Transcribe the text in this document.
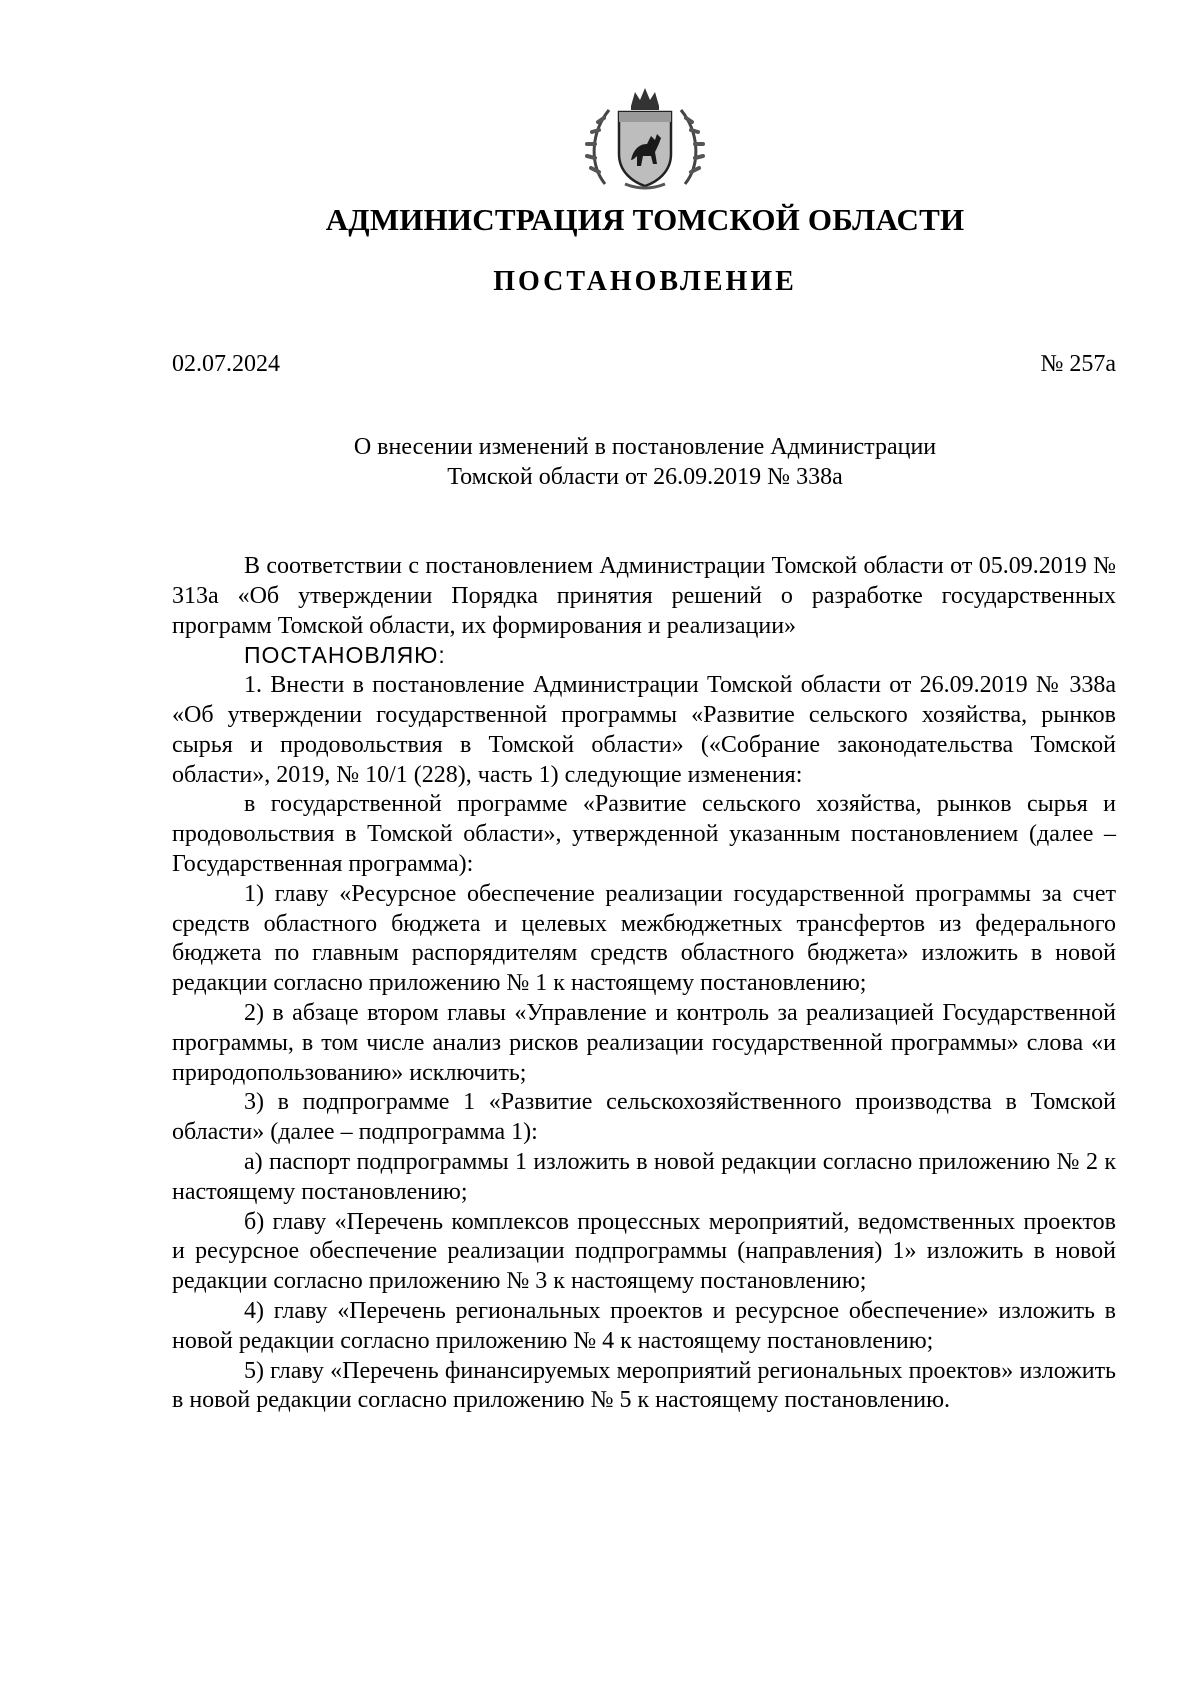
АДМИНИСТРАЦИЯ ТОМСКОЙ ОБЛАСТИ
ПОСТАНОВЛЕНИЕ
02.07.2024	№ 257а
О внесении изменений в постановление Администрации
Томской области от 26.09.2019 № 338а

В соответствии с постановлением Администрации Томской области от 05.09.2019 № 313а «Об утверждении Порядка принятия решений о разработке государственных программ Томской области, их формирования и реализации»

ПОСТАНОВЛЯЮ:

1. Внести в постановление Администрации Томской области от 26.09.2019 № 338а «Об утверждении государственной программы «Развитие сельского хозяйства, рынков сырья и продовольствия в Томской области» («Собрание законодательства Томской области», 2019, № 10/1 (228), часть 1) следующие изменения:

в государственной программе «Развитие сельского хозяйства, рынков сырья и продовольствия в Томской области», утвержденной указанным постановлением (далее – Государственная программа):

1) главу «Ресурсное обеспечение реализации государственной программы за счет средств областного бюджета и целевых межбюджетных трансфертов из федерального бюджета по главным распорядителям средств областного бюджета» изложить в новой редакции согласно приложению № 1 к настоящему постановлению;

2) в абзаце втором главы «Управление и контроль за реализацией Государственной программы, в том числе анализ рисков реализации государственной программы» слова «и природопользованию» исключить;

3) в подпрограмме 1 «Развитие сельскохозяйственного производства в Томской области» (далее – подпрограмма 1):

а) паспорт подпрограммы 1 изложить в новой редакции согласно приложению № 2 к настоящему постановлению;

б) главу «Перечень комплексов процессных мероприятий, ведомственных проектов и ресурсное обеспечение реализации подпрограммы (направления) 1» изложить в новой редакции согласно приложению № 3 к настоящему постановлению;

4) главу «Перечень региональных проектов и ресурсное обеспечение» изложить в новой редакции согласно приложению № 4 к настоящему постановлению;

5) главу «Перечень финансируемых мероприятий региональных проектов» изложить в новой редакции согласно приложению № 5 к настоящему постановлению.
